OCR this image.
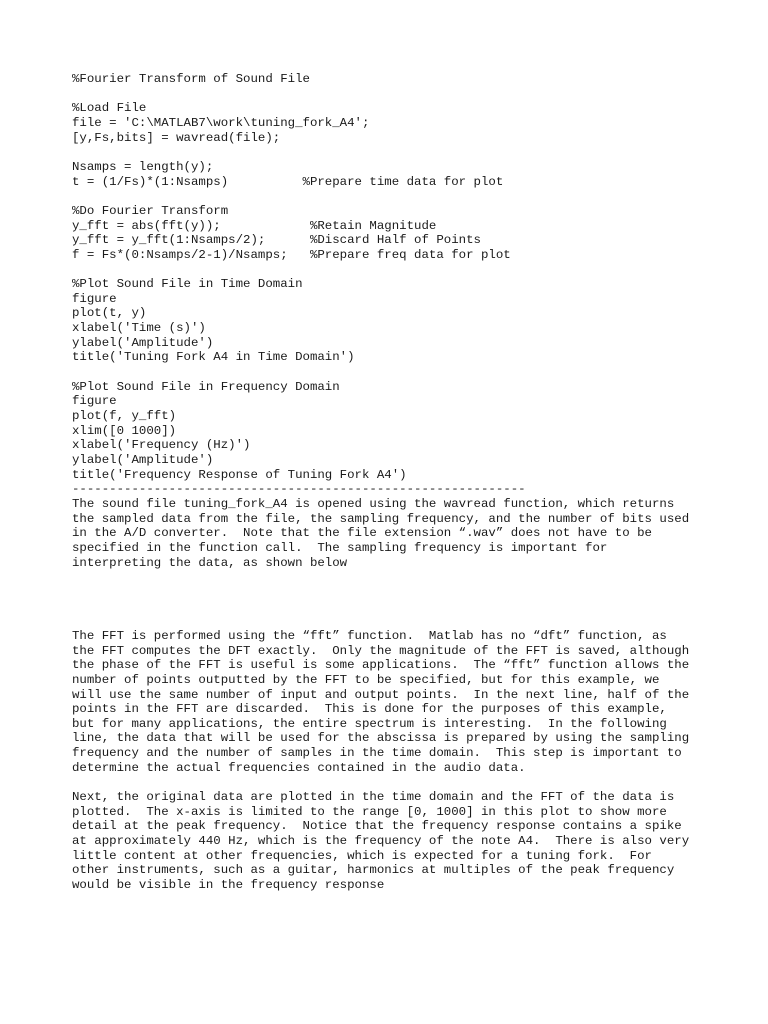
%Fourier Transform of Sound File
%Load File
file = 'C:\MATLAB7\work\tuning_fork_A4';
[y,Fs,bits] = wavread(file);
Nsamps = length(y);
t = (1/Fs)*(1:Nsamps)          %Prepare time data for plot
%Do Fourier Transform
y_fft = abs(fft(y));            %Retain Magnitude
y_fft = y_fft(1:Nsamps/2);      %Discard Half of Points
f = Fs*(0:Nsamps/2-1)/Nsamps;   %Prepare freq data for plot
%Plot Sound File in Time Domain
figure
plot(t, y)
xlabel('Time (s)')
ylabel('Amplitude')
title('Tuning Fork A4 in Time Domain')
%Plot Sound File in Frequency Domain
figure
plot(f, y_fft)
xlim([0 1000])
xlabel('Frequency (Hz)')
ylabel('Amplitude')
title('Frequency Response of Tuning Fork A4')
-------------------------------------------------------------
The sound file tuning_fork_A4 is opened using the wavread function, which returns
the sampled data from the file, the sampling frequency, and the number of bits used
in the A/D converter.  Note that the file extension “.wav” does not have to be
specified in the function call.  The sampling frequency is important for
interpreting the data, as shown below
The FFT is performed using the “fft” function.  Matlab has no “dft” function, as
the FFT computes the DFT exactly.  Only the magnitude of the FFT is saved, although
the phase of the FFT is useful is some applications.  The “fft” function allows the
number of points outputted by the FFT to be specified, but for this example, we
will use the same number of input and output points.  In the next line, half of the
points in the FFT are discarded.  This is done for the purposes of this example,
but for many applications, the entire spectrum is interesting.  In the following
line, the data that will be used for the abscissa is prepared by using the sampling
frequency and the number of samples in the time domain.  This step is important to
determine the actual frequencies contained in the audio data.
Next, the original data are plotted in the time domain and the FFT of the data is
plotted.  The x-axis is limited to the range [0, 1000] in this plot to show more
detail at the peak frequency.  Notice that the frequency response contains a spike
at approximately 440 Hz, which is the frequency of the note A4.  There is also very
little content at other frequencies, which is expected for a tuning fork.  For
other instruments, such as a guitar, harmonics at multiples of the peak frequency
would be visible in the frequency response
